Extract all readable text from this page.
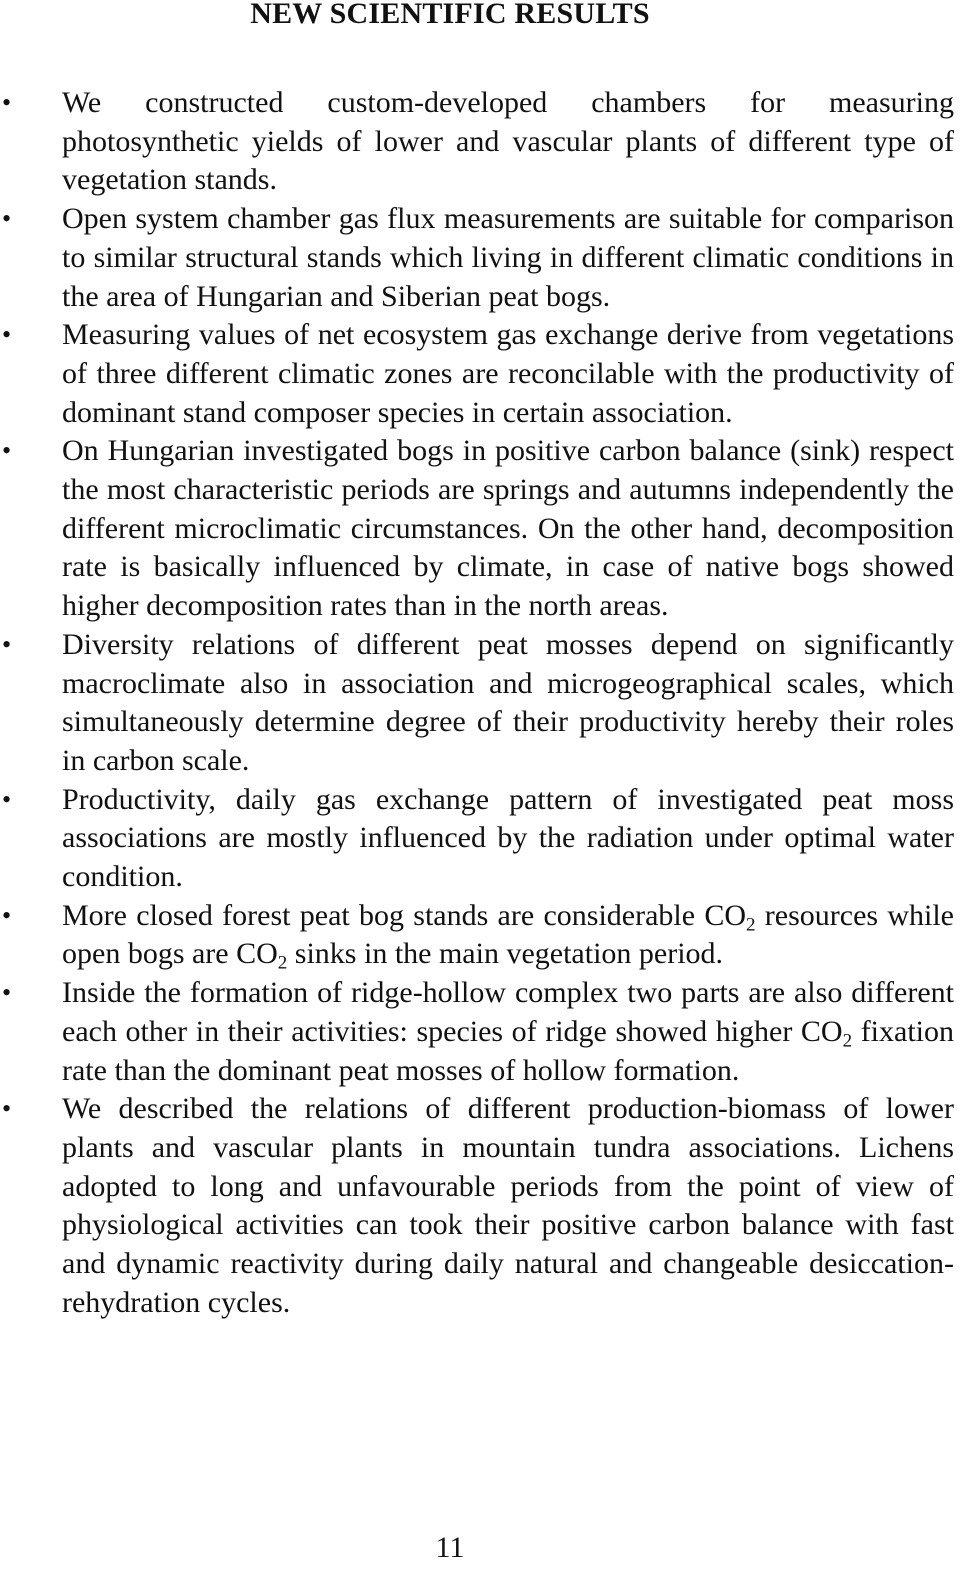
NEW SCIENTIFIC RESULTS
• We constructed custom-developed chambers for measuring photosynthetic yields of lower and vascular plants of different type of vegetation stands.
• Open system chamber gas flux measurements are suitable for comparison to similar structural stands which living in different climatic conditions in the area of Hungarian and Siberian peat bogs.
• Measuring values of net ecosystem gas exchange derive from vegetations of three different climatic zones are reconcilable with the productivity of dominant stand composer species in certain association.
• On Hungarian investigated bogs in positive carbon balance (sink) respect the most characteristic periods are springs and autumns independently the different microclimatic circumstances. On the other hand, decomposition rate is basically influenced by climate, in case of native bogs showed higher decomposition rates than in the north areas.
• Diversity relations of different peat mosses depend on significantly macroclimate also in association and microgeographical scales, which simultaneously determine degree of their productivity hereby their roles in carbon scale.
• Productivity, daily gas exchange pattern of investigated peat moss associations are mostly influenced by the radiation under optimal water condition.
• More closed forest peat bog stands are considerable $CO_2$ resources while open bogs are $CO_2$ sinks in the main vegetation period.
• Inside the formation of ridge-hollow complex two parts are also different each other in their activities: species of ridge showed higher $CO_2$ fixation rate than the dominant peat mosses of hollow formation.
• We described the relations of different production-biomass of lower plants and vascular plants in mountain tundra associations. Lichens adopted to long and unfavourable periods from the point of view of physiological activities can took their positive carbon balance with fast and dynamic reactivity during daily natural and changeable desiccation-rehydration cycles.
11
